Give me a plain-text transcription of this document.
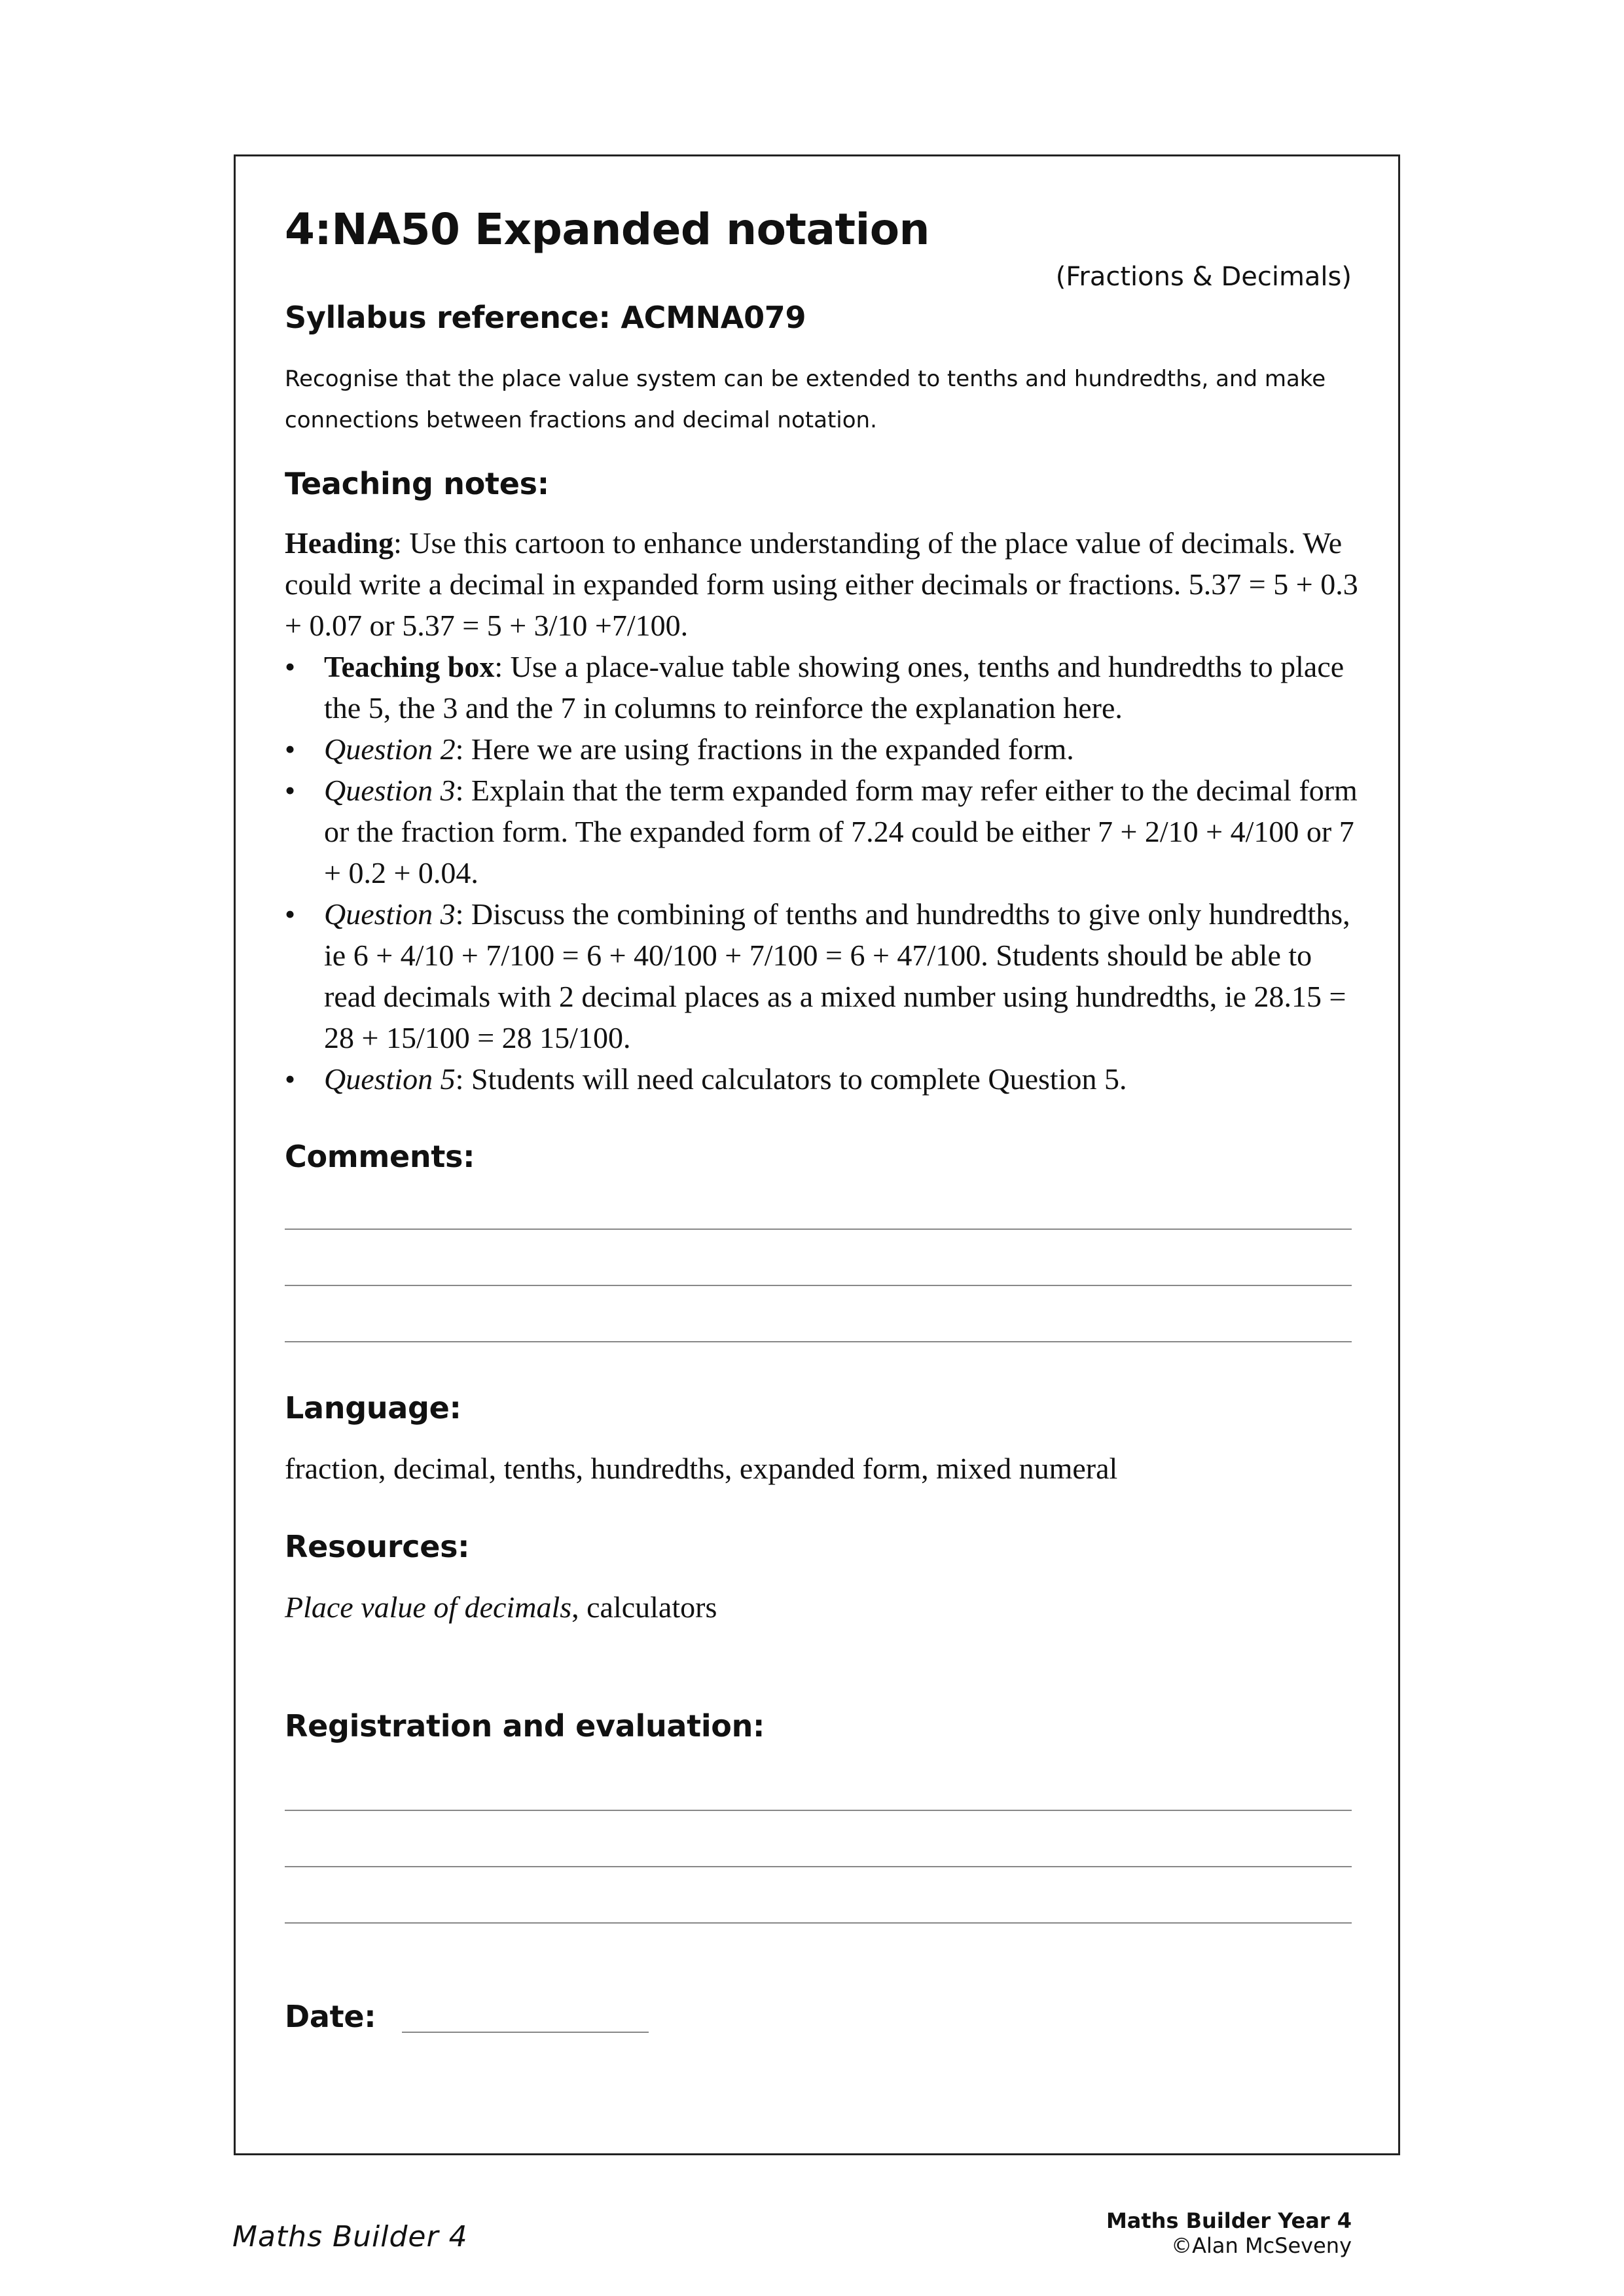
4:NA50 Expanded notation
(Fractions & Decimals)
Syllabus reference: ACMNA079

Recognise that the place value system can be extended to tenths and hundredths, and make connections between fractions and decimal notation.

Teaching notes:

Heading: Use this cartoon to enhance understanding of the place value of decimals. We could write a decimal in expanded form using either decimals or fractions. 5.37 = 5 + 0.3 + 0.07 or 5.37 = 5 + 3/10 +7/100.

• Teaching box: Use a place-value table showing ones, tenths and hundredths to place the 5, the 3 and the 7 in columns to reinforce the explanation here.
• Question 2: Here we are using fractions in the expanded form.
• Question 3: Explain that the term expanded form may refer either to the decimal form or the fraction form. The expanded form of 7.24 could be either 7 + 2/10 + 4/100 or 7 + 0.2 + 0.04.
• Question 3: Discuss the combining of tenths and hundredths to give only hundredths, ie 6 + 4/10 + 7/100 = 6 + 40/100 + 7/100 = 6 + 47/100. Students should be able to read decimals with 2 decimal places as a mixed number using hundredths, ie 28.15 = 28 + 15/100 = 28 15/100.
• Question 5: Students will need calculators to complete Question 5.
Comments:
Language:

fraction, decimal, tenths, hundredths, expanded form, mixed numeral

Resources:

Place value of decimals, calculators

Registration and evaluation:
Date:
Maths Builder 4	Maths Builder Year 4
©Alan McSeveny
